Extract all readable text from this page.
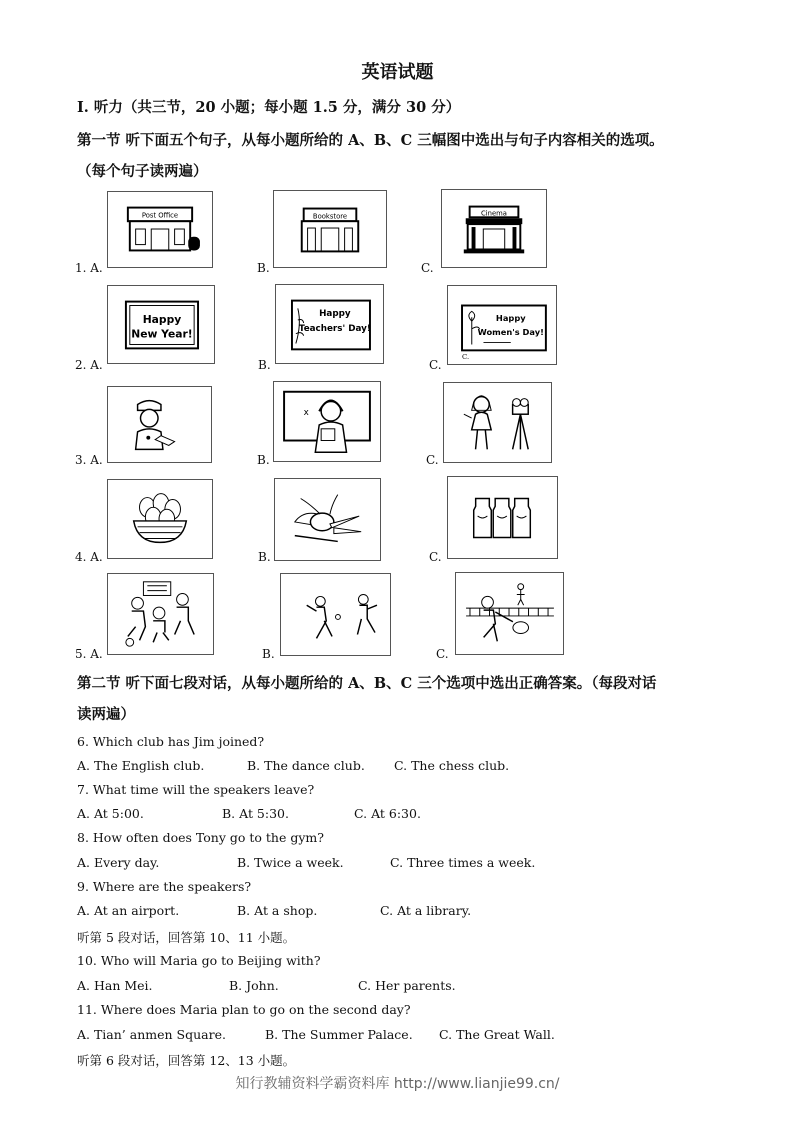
英语试题
Ⅰ. 听力（共三节，20 小题；每小题 1.5 分，满分 30 分）
第一节 听下面五个句子，从每小题所给的 A、B、C 三幅图中选出与句子内容相关的选项。
（每个句子读两遍）
1. A.
Post Office
B.
Bookstore
C.
Cinema
2. A.
Happy
New Year!
B.
Happy
Teachers' Day!
C.
Happy
Women's Day!
C.
3. A.	B.
x
C.
4. A.	B.	C.
5. A.	B.	C.
第二节 听下面七段对话，从每小题所给的 A、B、C 三个选项中选出正确答案。（每段对话
读两遍）
6. Which club has Jim joined?
A. The English club.	B. The dance club. C. The chess club.
7. What time will the speakers leave?
A. At 5:00.	B. At 5:30.	C. At 6:30.
8. How often does Tony go to the gym?
A. Every day.	B. Twice a week.	C. Three times a week.
9. Where are the speakers?
A. At an airport.	B. At a shop.	C. At a library.
听第 5 段对话，回答第 10、11 小题。
10. Who will Maria go to Beijing with?
A. Han Mei.	B. John.	C. Her parents.
11. Where does Maria plan to go on the second day?
A. Tian’ anmen Square.	B. The Summer Palace. C. The Great Wall.
听第 6 段对话，回答第 12、13 小题。
知行教辅资料学霸资料库 http://www.lianjie99.cn/
